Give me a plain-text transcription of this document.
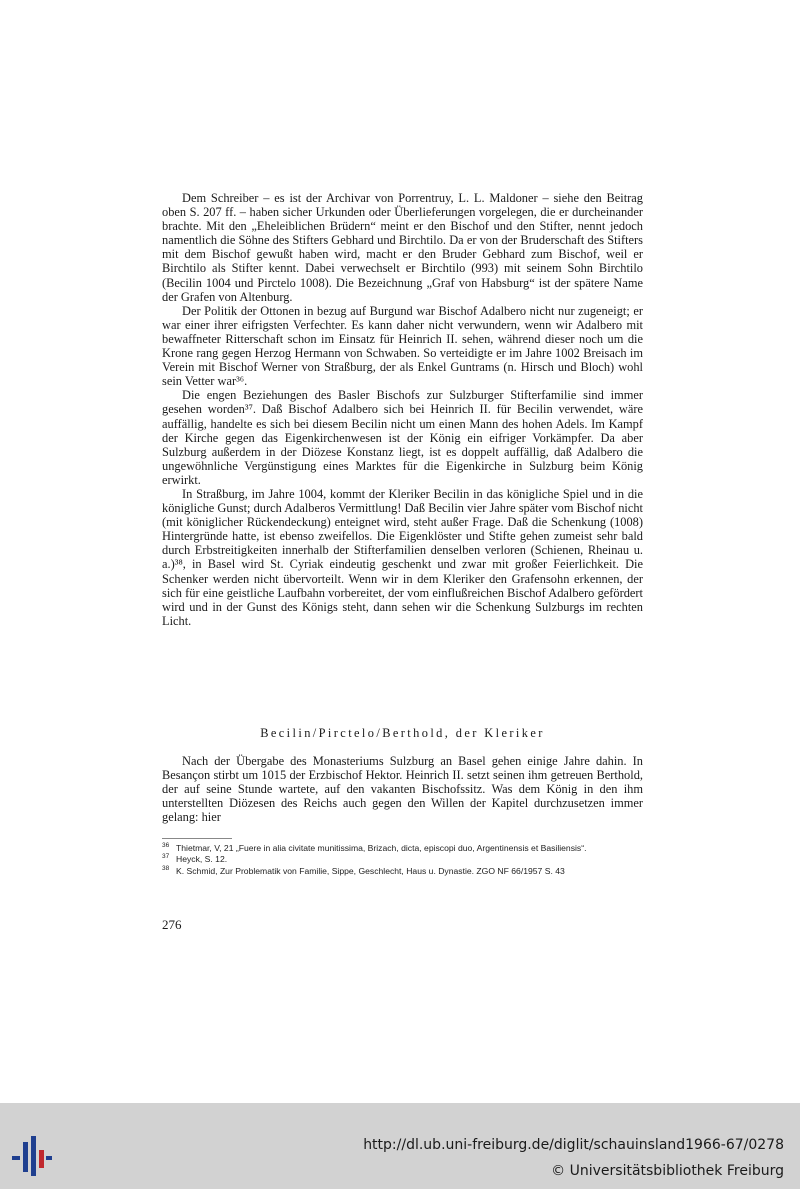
Dem Schreiber – es ist der Archivar von Porrentruy, L. L. Maldoner – siehe den Beitrag oben S. 207 ff. – haben sicher Urkunden oder Überlieferungen vorgelegen, die er durcheinander brachte. Mit den „Eheleiblichen Brüdern“ meint er den Bischof und den Stifter, nennt jedoch namentlich die Söhne des Stifters Gebhard und Birchtilo. Da er von der Bruderschaft des Stifters mit dem Bischof gewußt haben wird, macht er den Bruder Gebhard zum Bischof, weil er Birchtilo als Stifter kennt. Dabei verwechselt er Birchtilo (993) mit seinem Sohn Birchtilo (Becilin 1004 und Pirctelo 1008). Die Bezeichnung „Graf von Habsburg“ ist der spätere Name der Grafen von Altenburg.

Der Politik der Ottonen in bezug auf Burgund war Bischof Adalbero nicht nur zugeneigt; er war einer ihrer eifrigsten Verfechter. Es kann daher nicht verwundern, wenn wir Adalbero mit bewaffneter Ritterschaft schon im Einsatz für Heinrich II. sehen, während dieser noch um die Krone rang gegen Herzog Hermann von Schwaben. So verteidigte er im Jahre 1002 Breisach im Verein mit Bischof Werner von Straßburg, der als Enkel Guntrams (n. Hirsch und Bloch) wohl sein Vetter war³⁶.

Die engen Beziehungen des Basler Bischofs zur Sulzburger Stifterfamilie sind immer gesehen worden³⁷. Daß Bischof Adalbero sich bei Heinrich II. für Becilin verwendet, wäre auffällig, handelte es sich bei diesem Becilin nicht um einen Mann des hohen Adels. Im Kampf der Kirche gegen das Eigenkirchenwesen ist der König ein eifriger Vorkämpfer. Da aber Sulzburg außerdem in der Diözese Konstanz liegt, ist es doppelt auffällig, daß Adalbero die ungewöhnliche Vergünstigung eines Marktes für die Eigenkirche in Sulzburg beim König erwirkt.

In Straßburg, im Jahre 1004, kommt der Kleriker Becilin in das königliche Spiel und in die königliche Gunst; durch Adalberos Vermittlung! Daß Becilin vier Jahre später vom Bischof nicht (mit königlicher Rückendeckung) enteignet wird, steht außer Frage. Daß die Schenkung (1008) Hintergründe hatte, ist ebenso zweifellos. Die Eigenklöster und Stifte gehen zumeist sehr bald durch Erbstreitigkeiten innerhalb der Stifterfamilien denselben verloren (Schienen, Rheinau u. a.)³⁸, in Basel wird St. Cyriak eindeutig geschenkt und zwar mit großer Feierlichkeit. Die Schenker werden nicht übervorteilt. Wenn wir in dem Kleriker den Grafensohn erkennen, der sich für eine geistliche Laufbahn vorbereitet, der vom einflußreichen Bischof Adalbero gefördert wird und in der Gunst des Königs steht, dann sehen wir die Schenkung Sulzburgs im rechten Licht.

Becilin/Pirctelo/Berthold, der Kleriker

Nach der Übergabe des Monasteriums Sulzburg an Basel gehen einige Jahre dahin. In Besançon stirbt um 1015 der Erzbischof Hektor. Heinrich II. setzt seinen ihm getreuen Berthold, der auf seine Stunde wartete, auf den vakanten Bischofssitz. Was dem König in den ihm unterstellten Diözesen des Reichs auch gegen den Willen der Kapitel durchzusetzen immer gelang: hier

36 Thietmar, V, 21 „Fuere in alia civitate munitissima, Brizach, dicta, episcopi duo, Argentinensis et Basiliensis“.
37 Heyck, S. 12.
38 K. Schmid, Zur Problematik von Familie, Sippe, Geschlecht, Haus u. Dynastie. ZGO NF 66/1957 S. 43
276
http://dl.ub.uni-freiburg.de/diglit/schauinsland1966-67/0278
© Universitätsbibliothek Freiburg
